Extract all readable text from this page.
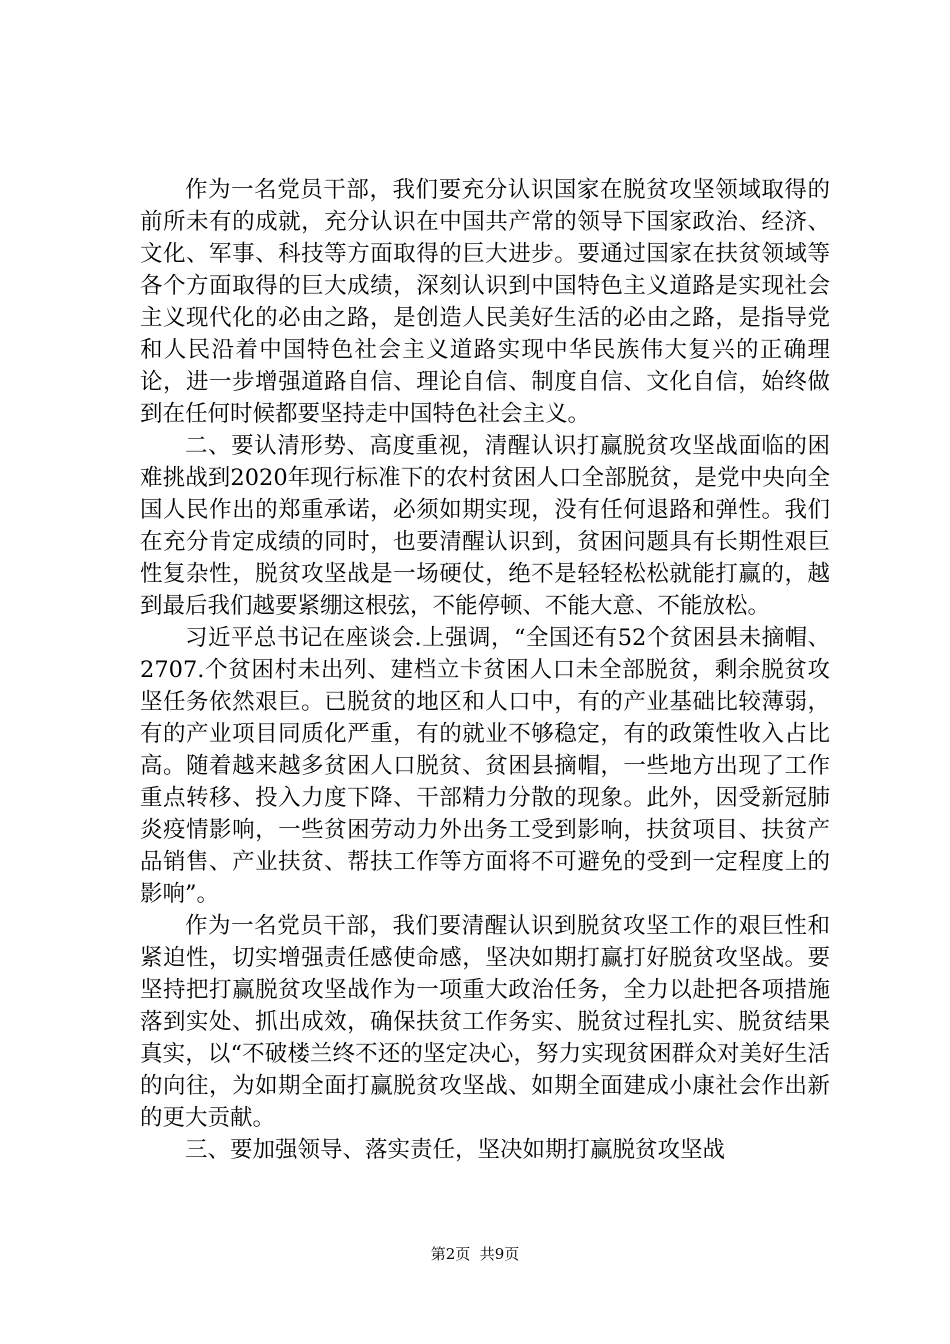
作为一名党员干部，我们要充分认识国家在脱贫攻坚领域取得的前所未有的成就，充分认识在中国共产常的领导下国家政治、经济、文化、军事、科技等方面取得的巨大进步。要通过国家在扶贫领域等各个方面取得的巨大成绩，深刻认识到中国特色主义道路是实现社会主义现代化的必由之路，是创造人民美好生活的必由之路，是指导党和人民沿着中国特色社会主义道路实现中华民族伟大复兴的正确理论，进一步增强道路自信、理论自信、制度自信、文化自信，始终做到在任何时候都要坚持走中国特色社会主义。

二、要认清形势、高度重视，清醒认识打赢脱贫攻坚战面临的困难挑战到2020年现行标准下的农村贫困人口全部脱贫，是党中央向全国人民作出的郑重承诺，必须如期实现，没有任何退路和弹性。我们在充分肯定成绩的同时，也要清醒认识到，贫困问题具有长期性艰巨性复杂性，脱贫攻坚战是一场硬仗，绝不是轻轻松松就能打赢的，越到最后我们越要紧绷这根弦，不能停顿、不能大意、不能放松。

习近平总书记在座谈会.上强调，“全国还有52个贫困县未摘帽、2707.个贫困村未出列、建档立卡贫困人口未全部脱贫，剩余脱贫攻坚任务依然艰巨。已脱贫的地区和人口中，有的产业基础比较薄弱，有的产业项目同质化严重，有的就业不够稳定，有的政策性收入占比高。随着越来越多贫困人口脱贫、贫困县摘帽，一些地方出现了工作重点转移、投入力度下降、干部精力分散的现象。此外，因受新冠肺炎疫情影响，一些贫困劳动力外出务工受到影响，扶贫项目、扶贫产品销售、产业扶贫、帮扶工作等方面将不可避免的受到一定程度上的影响”。

作为一名党员干部，我们要清醒认识到脱贫攻坚工作的艰巨性和紧迫性，切实增强责任感使命感，坚决如期打赢打好脱贫攻坚战。要坚持把打赢脱贫攻坚战作为一项重大政治任务，全力以赴把各项措施落到实处、抓出成效，确保扶贫工作务实、脱贫过程扎实、脱贫结果真实，以“不破楼兰终不还的坚定决心，努力实现贫困群众对美好生活的向往，为如期全面打赢脱贫攻坚战、如期全面建成小康社会作出新的更大贡献。

三、要加强领导、落实责任，坚决如期打赢脱贫攻坚战

第2页  共9页
